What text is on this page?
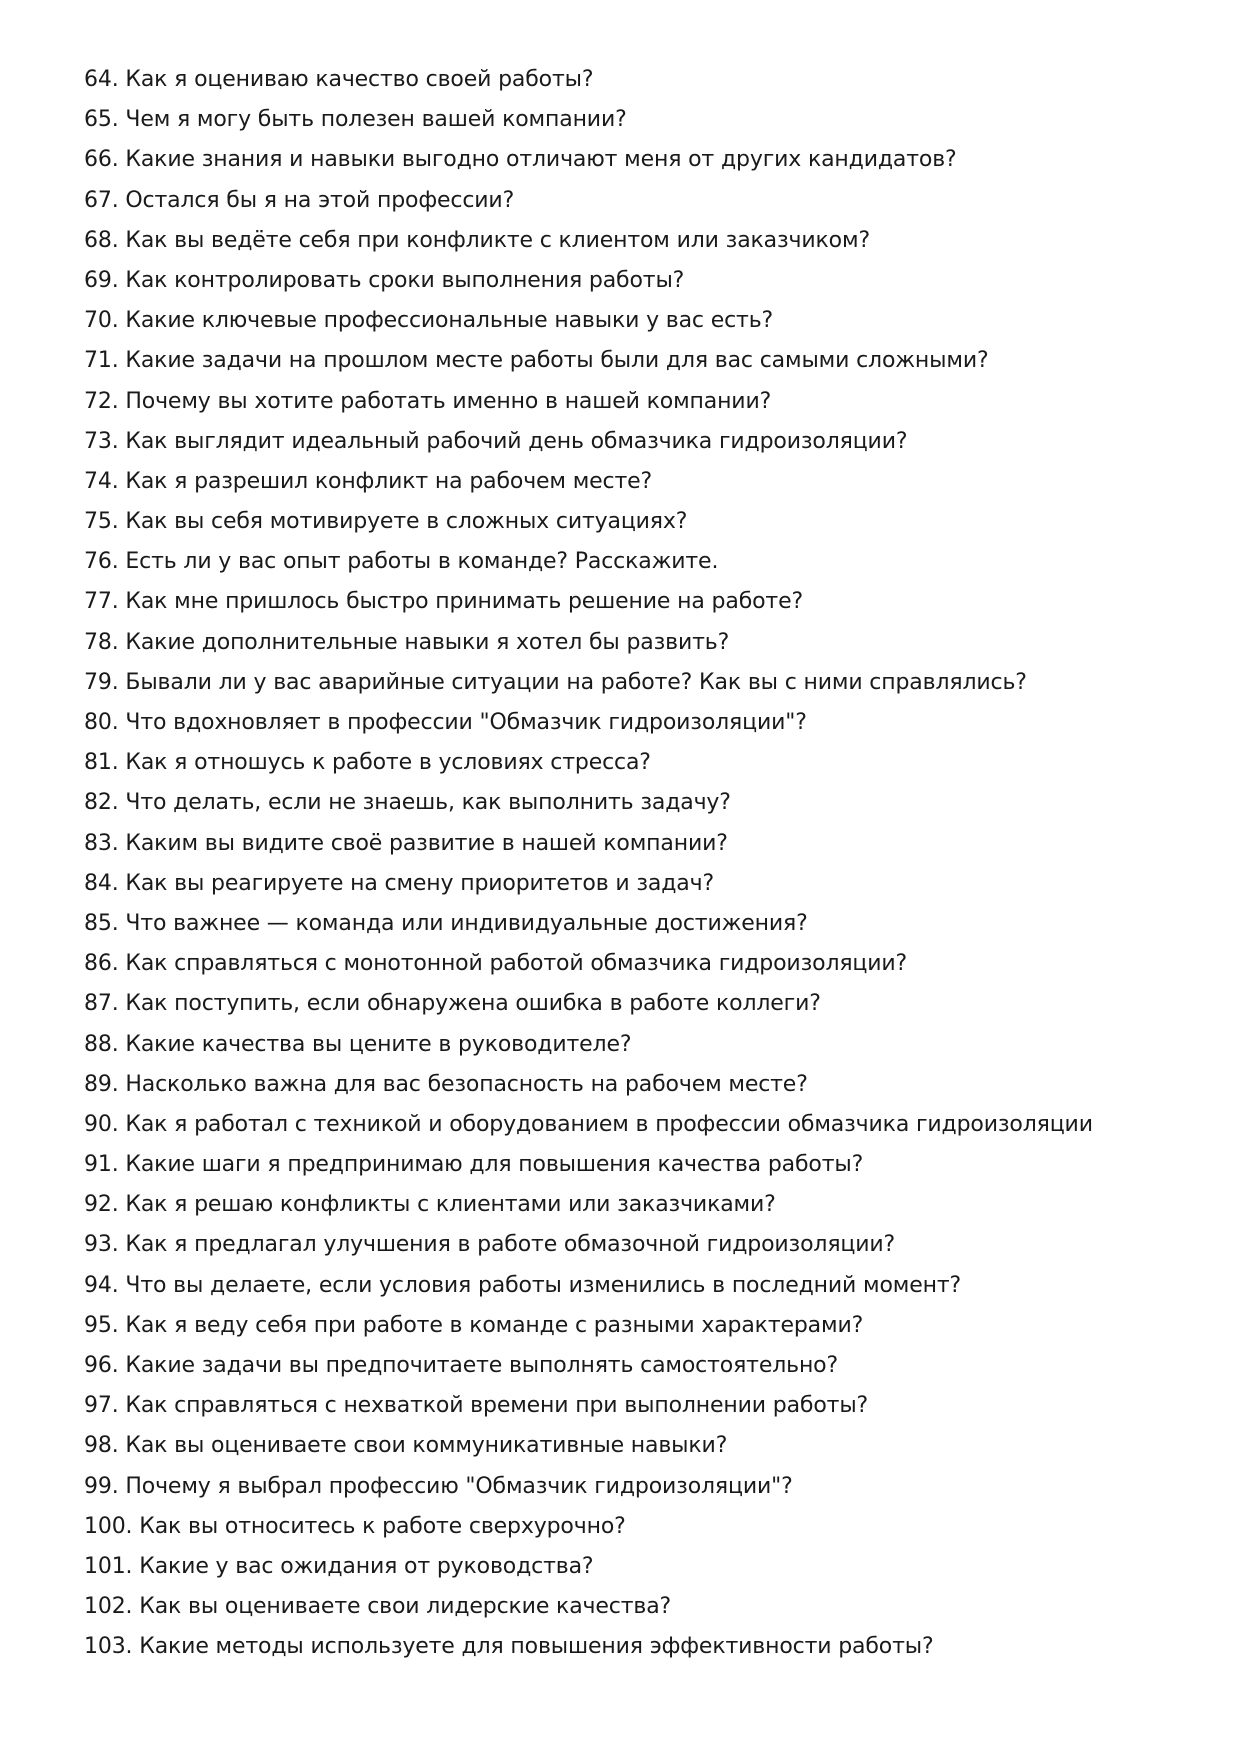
64. Как я оцениваю качество своей работы?
65. Чем я могу быть полезен вашей компании?
66. Какие знания и навыки выгодно отличают меня от других кандидатов?
67. Остался бы я на этой профессии?
68. Как вы ведёте себя при конфликте с клиентом или заказчиком?
69. Как контролировать сроки выполнения работы?
70. Какие ключевые профессиональные навыки у вас есть?
71. Какие задачи на прошлом месте работы были для вас самыми сложными?
72. Почему вы хотите работать именно в нашей компании?
73. Как выглядит идеальный рабочий день обмазчика гидроизоляции?
74. Как я разрешил конфликт на рабочем месте?
75. Как вы себя мотивируете в сложных ситуациях?
76. Есть ли у вас опыт работы в команде? Расскажите.
77. Как мне пришлось быстро принимать решение на работе?
78. Какие дополнительные навыки я хотел бы развить?
79. Бывали ли у вас аварийные ситуации на работе? Как вы с ними справлялись?
80. Что вдохновляет в профессии "Обмазчик гидроизоляции"?
81. Как я отношусь к работе в условиях стресса?
82. Что делать, если не знаешь, как выполнить задачу?
83. Каким вы видите своё развитие в нашей компании?
84. Как вы реагируете на смену приоритетов и задач?
85. Что важнее — команда или индивидуальные достижения?
86. Как справляться с монотонной работой обмазчика гидроизоляции?
87. Как поступить, если обнаружена ошибка в работе коллеги?
88. Какие качества вы цените в руководителе?
89. Насколько важна для вас безопасность на рабочем месте?
90. Как я работал с техникой и оборудованием в профессии обмазчика гидроизоляции
91. Какие шаги я предпринимаю для повышения качества работы?
92. Как я решаю конфликты с клиентами или заказчиками?
93. Как я предлагал улучшения в работе обмазочной гидроизоляции?
94. Что вы делаете, если условия работы изменились в последний момент?
95. Как я веду себя при работе в команде с разными характерами?
96. Какие задачи вы предпочитаете выполнять самостоятельно?
97. Как справляться с нехваткой времени при выполнении работы?
98. Как вы оцениваете свои коммуникативные навыки?
99. Почему я выбрал профессию "Обмазчик гидроизоляции"?
100. Как вы относитесь к работе сверхурочно?
101. Какие у вас ожидания от руководства?
102. Как вы оцениваете свои лидерские качества?
103. Какие методы используете для повышения эффективности работы?
